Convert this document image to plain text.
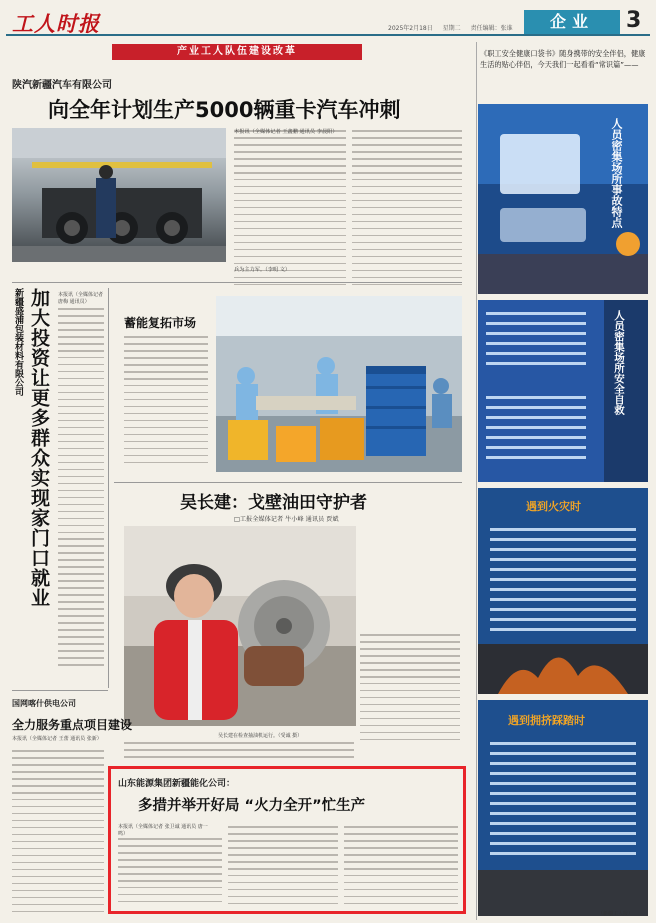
工人时报	2025年2月18日 星期二 责任编辑：张谁	企业	3
产业工人队伍建设改革
陕汽新疆汽车有限公司
向全年计划生产5000辆重卡汽车冲刺
本报讯（全媒体记者 王鑫鹏 通讯员 李晨阳）
兵为主力军。（李明 文）
新疆盛浦包装材料有限公司 加大投资让更多群众实现家门口就业	本报讯（全媒体记者 唐梅 通讯员）
蓄能复拓市场
吴长建：戈壁油田守护者
□工报全媒体记者 牛小峰 通讯员 贾斌
吴长建在检查抽油机运行。（受诚 摄）
国网喀什供电公司
全力服务重点项目建设
本报讯（全媒体记者 王蕾 通讯员 张新）
山东能源集团新疆能化公司：
多措并举开好局 “火力全开”忙生产
本报讯（全媒体记者 张卫诚 通讯员 唐一鸣）
《职工安全健康口袋书》随身携带的安全伴侣，健康生活的贴心伴侣，今天我们一起看看“常识篇”——
人员密集场所事故特点
人员密集场所安全自救
遇到火灾时
遇到拥挤踩踏时
（新疆工人报）
